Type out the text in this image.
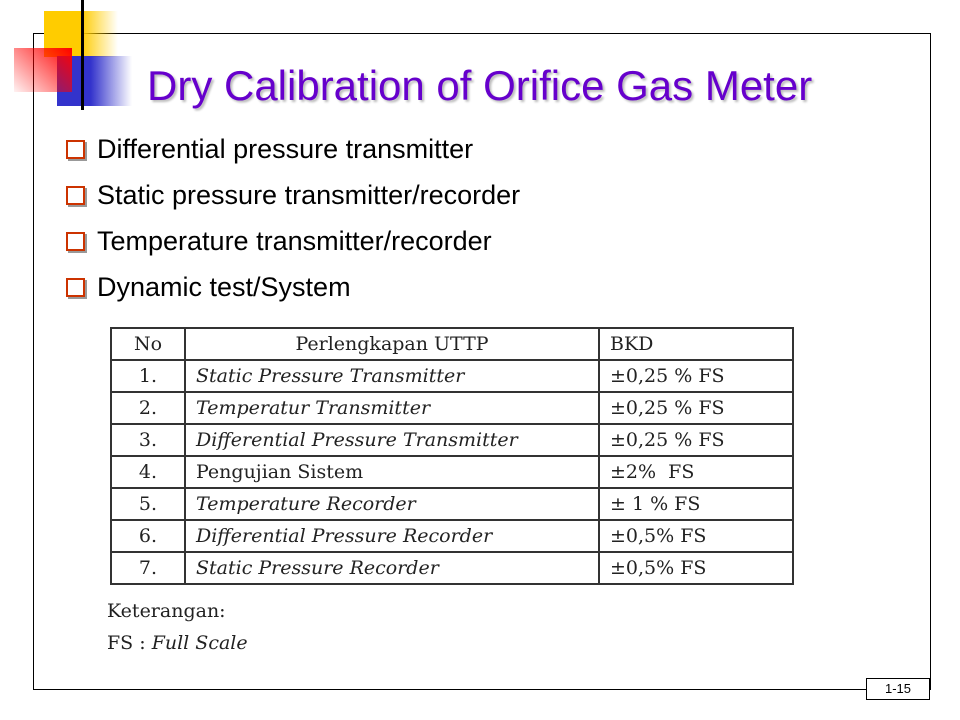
Dry Calibration of Orifice Gas Meter
Differential pressure transmitter
Static pressure transmitter/recorder
Temperature transmitter/recorder
Dynamic test/System
No	Perlengkapan UTTP	BKD
1.	Static Pressure Transmitter	±0,25 % FS
2.	Temperatur Transmitter	±0,25 % FS
3.	Differential Pressure Transmitter	±0,25 % FS
4.	Pengujian Sistem	±2%  FS
5.	Temperature Recorder	± 1 % FS
6.	Differential Pressure Recorder	±0,5% FS
7.	Static Pressure Recorder	±0,5% FS
Keterangan:
FS : Full Scale
1-15
